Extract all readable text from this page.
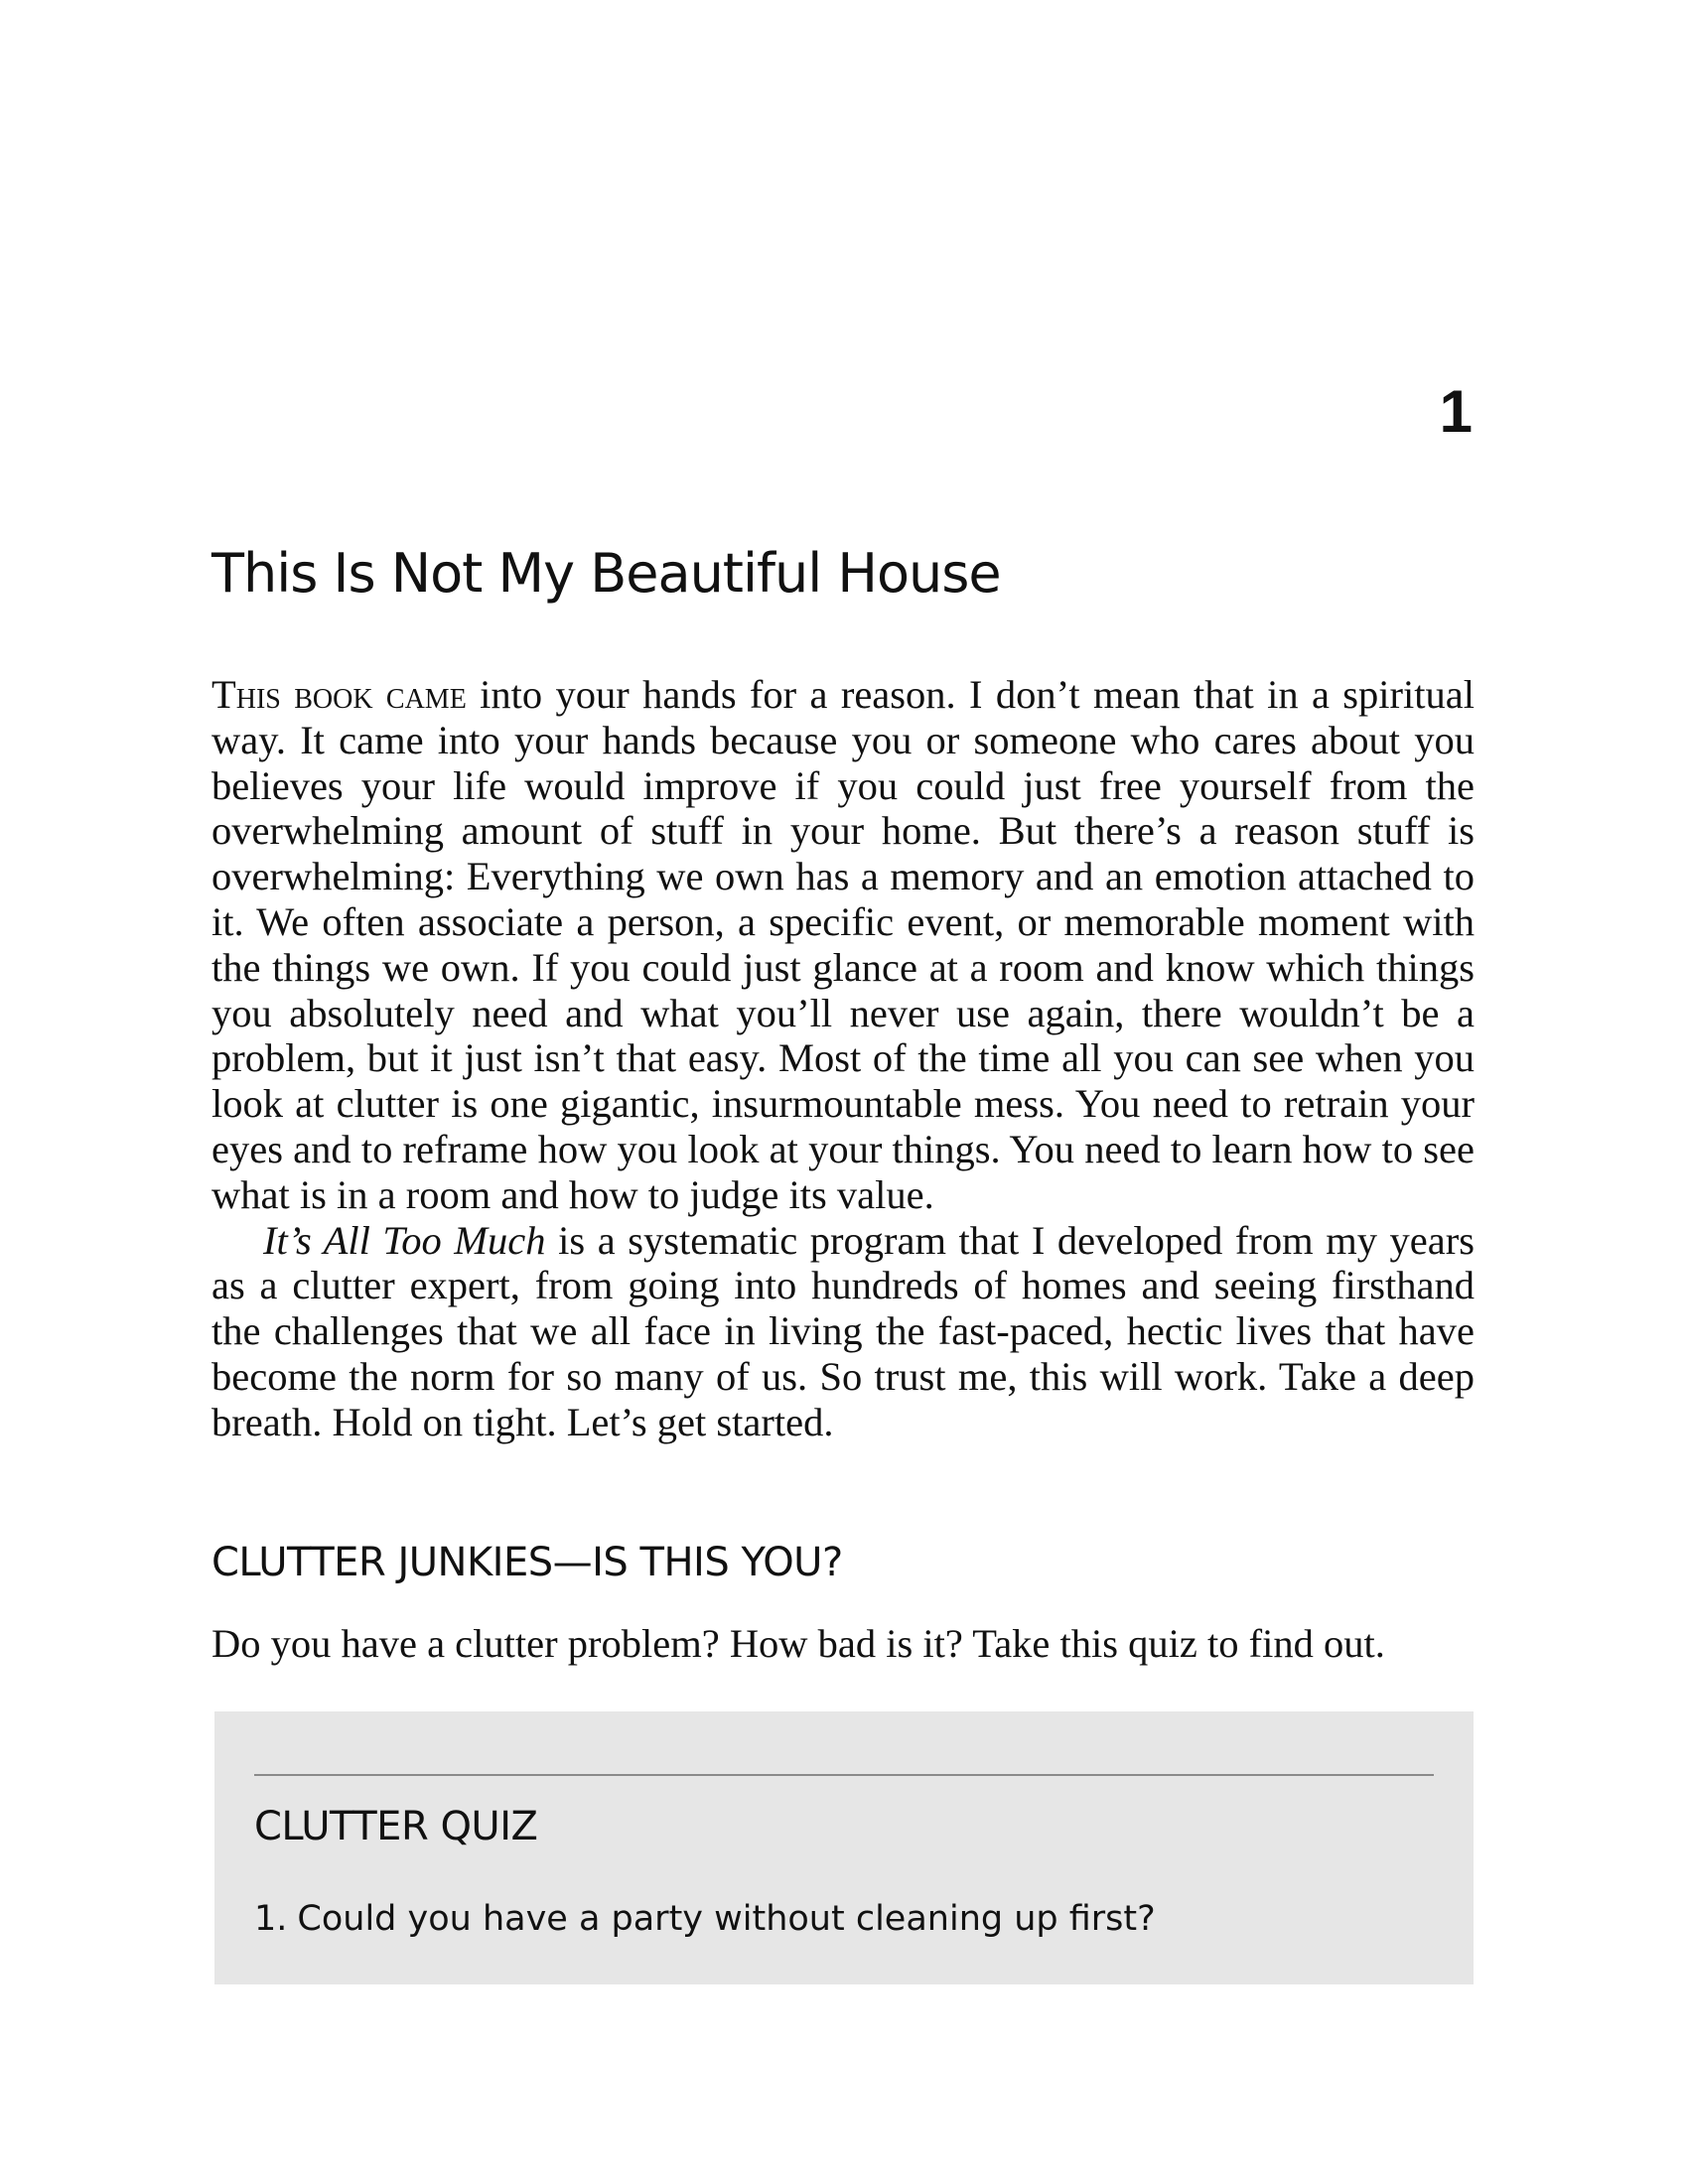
1
This Is Not My Beautiful House

This book came into your hands for a reason. I don’t mean that in a spiritual way. It came into your hands because you or someone who cares about you believes your life would improve if you could just free yourself from the overwhelming amount of stuff in your home. But there’s a reason stuff is overwhelming: Everything we own has a memory and an emotion attached to it. We often associate a person, a specific event, or memorable moment with the things we own. If you could just glance at a room and know which things you absolutely need and what you’ll never use again, there wouldn’t be a problem, but it just isn’t that easy. Most of the time all you can see when you look at clutter is one gigantic, insurmountable mess. You need to retrain your eyes and to reframe how you look at your things. You need to learn how to see what is in a room and how to judge its value.

It’s All Too Much is a systematic program that I developed from my years as a clutter expert, from going into hundreds of homes and seeing firsthand the challenges that we all face in living the fast-paced, hectic lives that have become the norm for so many of us. So trust me, this will work. Take a deep breath. Hold on tight. Let’s get started.

CLUTTER JUNKIES—IS THIS YOU?

Do you have a clutter problem? How bad is it? Take this quiz to find out.

CLUTTER QUIZ
1. Could you have a party without cleaning up first?
